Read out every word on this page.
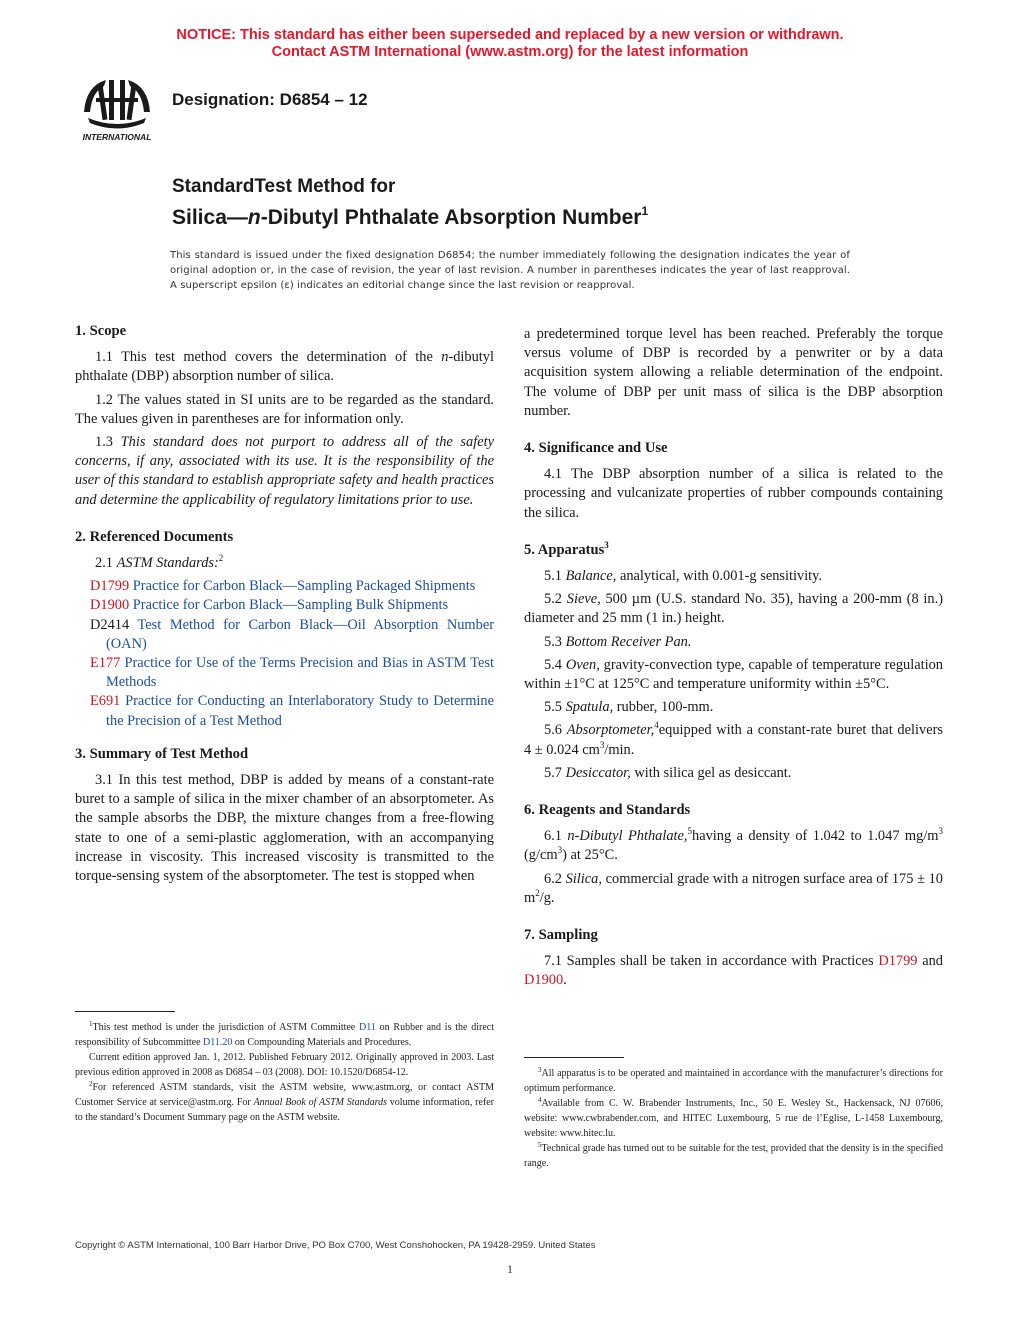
NOTICE: This standard has either been superseded and replaced by a new version or withdrawn.
Contact ASTM International (www.astm.org) for the latest information
INTERNATIONAL
Designation: D6854 – 12
StandardTest Method for
Silica—n-Dibutyl Phthalate Absorption Number$^1$
This standard is issued under the fixed designation D6854; the number immediately following the designation indicates the year of original adoption or, in the case of revision, the year of last revision. A number in parentheses indicates the year of last reapproval. A superscript epsilon (ε) indicates an editorial change since the last revision or reapproval.
1. Scope

1.1 This test method covers the determination of the n-dibutyl phthalate (DBP) absorption number of silica.

1.2 The values stated in SI units are to be regarded as the standard. The values given in parentheses are for information only.

1.3 This standard does not purport to address all of the safety concerns, if any, associated with its use. It is the responsibility of the user of this standard to establish appropriate safety and health practices and determine the applicability of regulatory limitations prior to use.

2. Referenced Documents

2.1 ASTM Standards:$^2$

D1799 Practice for Carbon Black—Sampling Packaged Shipments

D1900 Practice for Carbon Black—Sampling Bulk Shipments

D2414 Test Method for Carbon Black—Oil Absorption Number (OAN)

E177 Practice for Use of the Terms Precision and Bias in ASTM Test Methods

E691 Practice for Conducting an Interlaboratory Study to Determine the Precision of a Test Method

3. Summary of Test Method

3.1 In this test method, DBP is added by means of a constant-rate buret to a sample of silica in the mixer chamber of an absorptometer. As the sample absorbs the DBP, the mixture changes from a free-flowing state to one of a semi-plastic agglomeration, with an accompanying increase in viscosity. This increased viscosity is transmitted to the torque-sensing system of the absorptometer. The test is stopped when

$^1$This test method is under the jurisdiction of ASTM Committee D11 on Rubber and is the direct responsibility of Subcommittee D11.20 on Compounding Materials and Procedures.

Current edition approved Jan. 1, 2012. Published February 2012. Originally approved in 2003. Last previous edition approved in 2008 as D6854 – 03 (2008). DOI: 10.1520/D6854-12.

$^2$For referenced ASTM standards, visit the ASTM website, www.astm.org, or contact ASTM Customer Service at service@astm.org. For Annual Book of ASTM Standards volume information, refer to the standard’s Document Summary page on the ASTM website.

a predetermined torque level has been reached. Preferably the torque versus volume of DBP is recorded by a penwriter or by a data acquisition system allowing a reliable determination of the endpoint. The volume of DBP per unit mass of silica is the DBP absorption number.

4. Significance and Use

4.1 The DBP absorption number of a silica is related to the processing and vulcanizate properties of rubber compounds containing the silica.

5. Apparatus$^3$

5.1 Balance, analytical, with 0.001-g sensitivity.

5.2 Sieve, 500 µm (U.S. standard No. 35), having a 200-mm (8 in.) diameter and 25 mm (1 in.) height.

5.3 Bottom Receiver Pan.

5.4 Oven, gravity-convection type, capable of temperature regulation within ±1°C at 125°C and temperature uniformity within ±5°C.

5.5 Spatula, rubber, 100-mm.

5.6 Absorptometer,$^4$equipped with a constant-rate buret that delivers 4 ± 0.024 $cm^3/\min$.

5.7 Desiccator, with silica gel as desiccant.

6. Reagents and Standards

6.1 n-Dibutyl Phthalate,$^5$having a density of 1.042 to 1.047 $mg/m^3$ $(g/cm^3)$ at 25°C.

6.2 Silica, commercial grade with a nitrogen surface area of 175 ± 10 $m^2/g$.

7. Sampling

7.1 Samples shall be taken in accordance with Practices D1799 and D1900.

$^3$All apparatus is to be operated and maintained in accordance with the manufacturer’s directions for optimum performance.

$^4$Available from C. W. Brabender Instruments, Inc., 50 E. Wesley St., Hackensack, NJ 07606, website: www.cwbrabender.com, and HITEC Luxembourg, 5 rue de l’Eglise, L-1458 Luxembourg, website: www.hitec.lu.

$^5$Technical grade has turned out to be suitable for the test, provided that the density is in the specified range.

Copyright © ASTM International, 100 Barr Harbor Drive, PO Box C700, West Conshohocken, PA 19428-2959. United States
1
